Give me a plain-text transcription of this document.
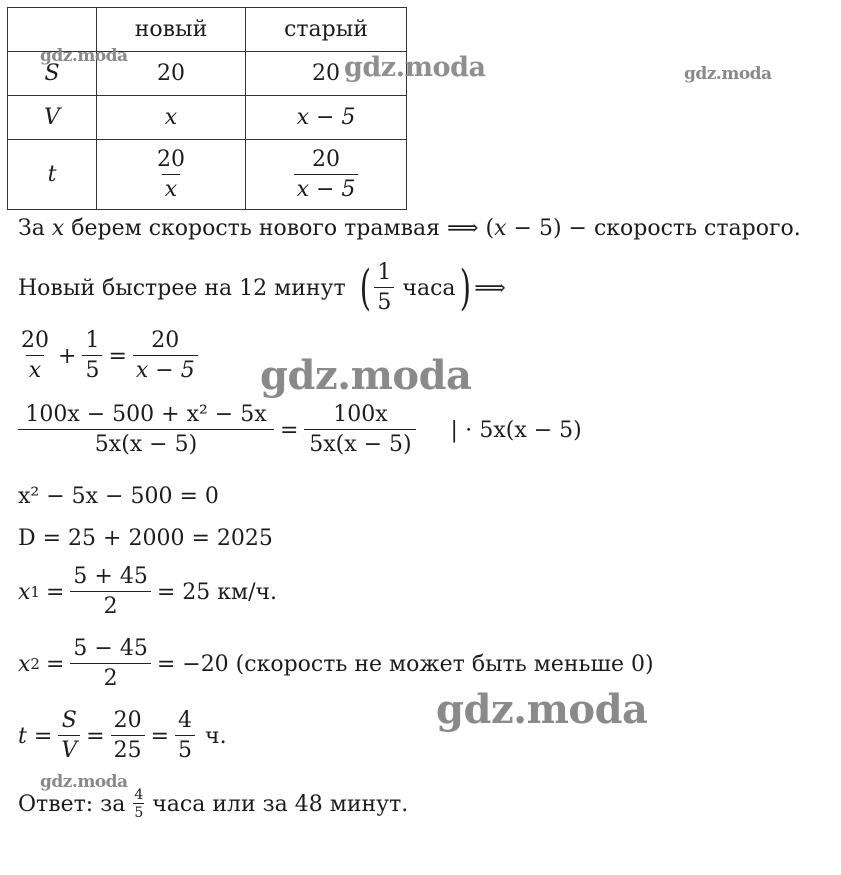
	новый	старый
S	20	20
V	x	x − 5
t	$\frac{20}{x}$	$\frac{20}{x - 5}$
За x берем скорость нового трамвая ⟹ (x − 5) − скорость старого.
Новый быстрее на 12 минут ( $\frac{1}{5}$ часа ) ⟹
$\frac{20}{x} + \frac{1}{5} = \frac{20}{x - 5}$
$\frac{\text{100x − 500 + x² − 5x}}{5x(x - 5)} = \frac{100x}{5x(x - 5)}$ | ⋅ 5x(x − 5)
x² − 5x − 500 = 0
D = 25 + 2000 = 2025
x $1 = \frac{5 + 45}{2} = 25$ км/ч.
x $2 = \frac{5 - 45}{2} = -20$ (скорость не может быть меньше 0)
$t = \frac{S}{V} = \frac{20}{25} = \frac{4}{5} ч$.
Ответ: за $\frac{4}{5}$ часа или за 48 минут.
gdz.moda	gdz.moda	gdz.moda
gdz.moda
gdz.moda
gdz.moda
